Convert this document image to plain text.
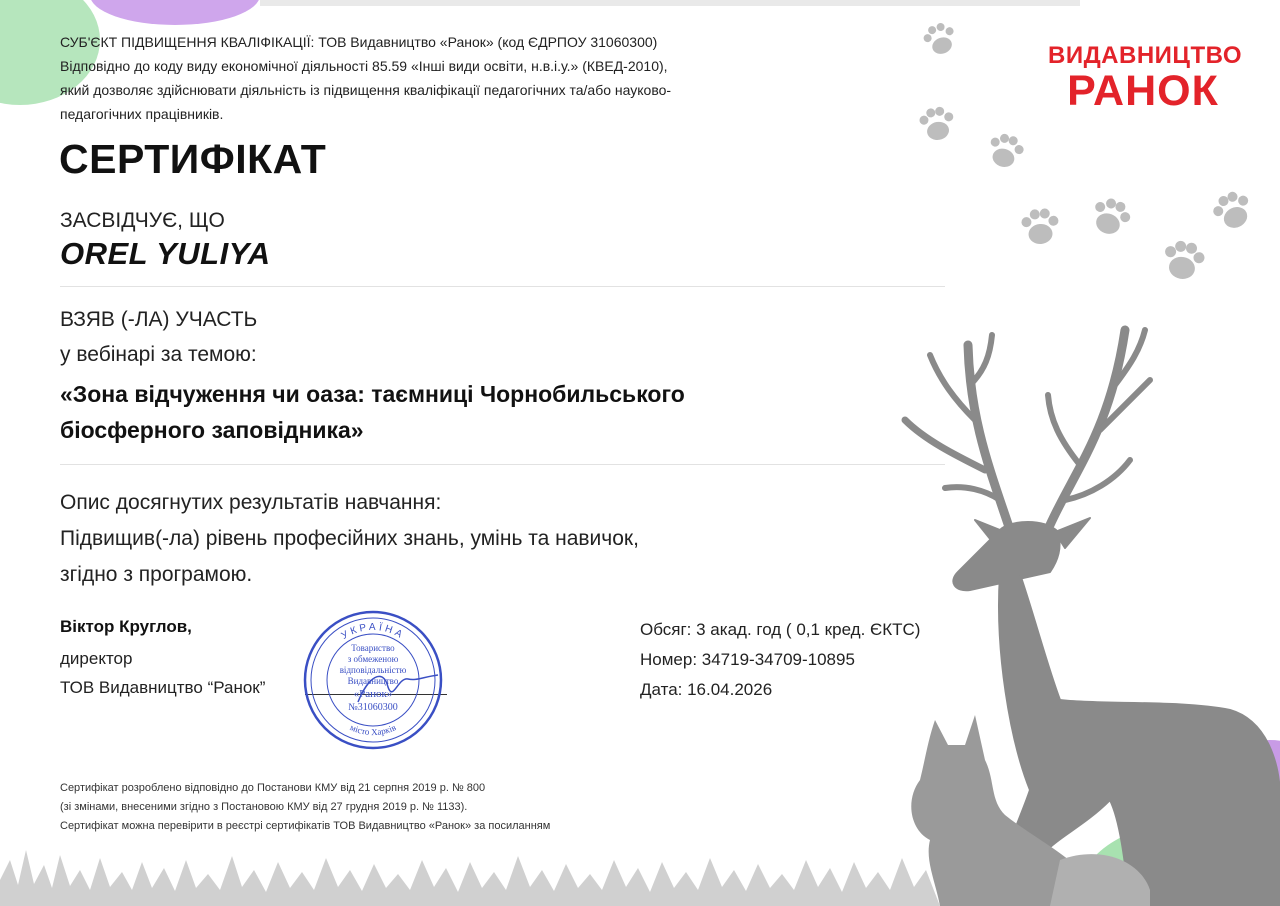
ВИДАВНИЦТВО
РАНОК
СУБ'ЄКТ ПІДВИЩЕННЯ КВАЛІФІКАЦІЇ: ТОВ Видавництво «Ранок» (код ЄДРПОУ 31060300)
Відповідно до коду виду економічної діяльності 85.59 «Інші види освіти, н.в.і.у.» (КВЕД-2010),
який дозволяє здійснювати діяльність із підвищення кваліфікації педагогічних та/або науково-
педагогічних працівників.
СЕРТИФІКАТ
ЗАСВІДЧУЄ, ЩО
OREL YULIYA
ВЗЯВ (-ЛА) УЧАСТЬ
у вебінарі за темою:
«Зона відчуження чи оаза: таємниці Чорнобильського
біосферного заповідника»
Опис досягнутих результатів навчання:
Підвищив(-ла) рівень професійних знань, умінь та навичок,
згідно з програмою.
Віктор Круглов,
директор
ТОВ Видавництво “Ранок”
УКРАЇНА
місто Харків
Товариство
з обмеженою
відповідальністю
Видавництво
«Ранок»
№31060300
Обсяг: 3 акад. год ( 0,1 кред. ЄКТС)
Номер: 34719-34709-10895
Дата: 16.04.2026
Сертифікат розроблено відповідно до Постанови КМУ від 21 серпня 2019 р. № 800
(зі змінами, внесеними згідно з Постановою КМУ від 27 грудня 2019 р. № 1133).
Сертифікат можна перевірити в реєстрі сертифікатів ТОВ Видавництво «Ранок» за посиланням
